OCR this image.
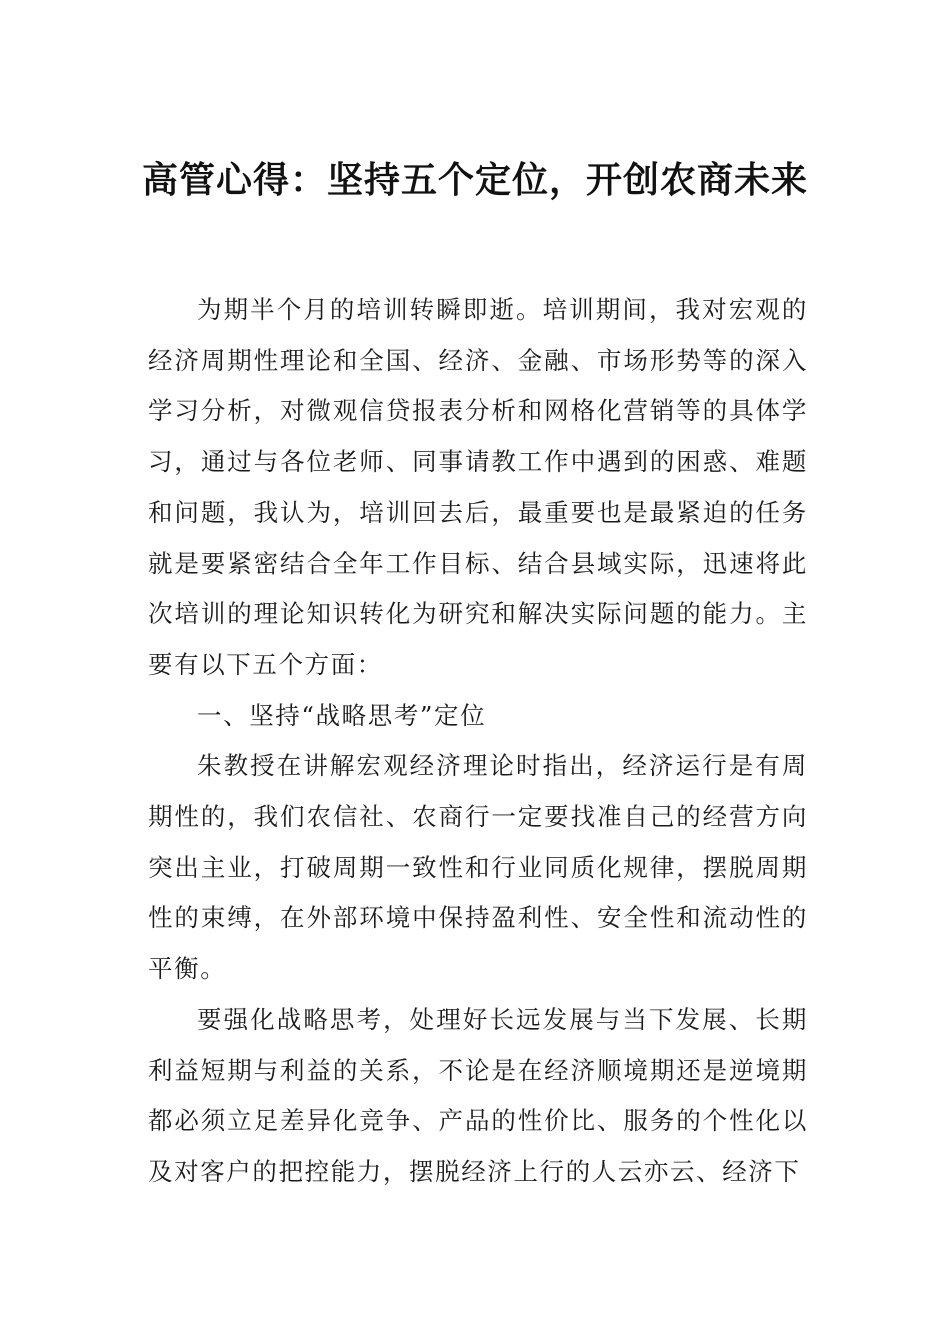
高管心得：坚持五个定位，开创农商未来

为期半个月的培训转瞬即逝。培训期间，我对宏观的经济周期性理论和全国、经济、金融、市场形势等的深入学习分析，对微观信贷报表分析和网格化营销等的具体学习，通过与各位老师、同事请教工作中遇到的困惑、难题和问题，我认为，培训回去后，最重要也是最紧迫的任务就是要紧密结合全年工作目标、结合县域实际，迅速将此次培训的理论知识转化为研究和解决实际问题的能力。主要有以下五个方面：

一、坚持“战略思考”定位

朱教授在讲解宏观经济理论时指出，经济运行是有周期性的，我们农信社、农商行一定要找准自己的经营方向突出主业，打破周期一致性和行业同质化规律，摆脱周期性的束缚，在外部环境中保持盈利性、安全性和流动性的平衡。

要强化战略思考，处理好长远发展与当下发展、长期利益短期与利益的关系，不论是在经济顺境期还是逆境期都必须立足差异化竞争、产品的性价比、服务的个性化以及对客户的把控能力，摆脱经济上行的人云亦云、经济下
